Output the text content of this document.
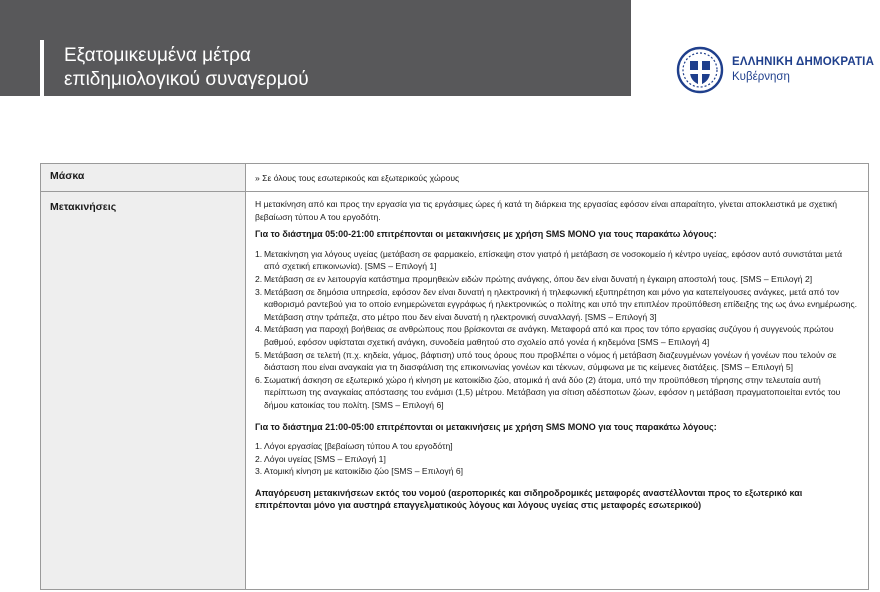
Εξατομικευμένα μέτρα
επιδημιολογικού συναγερμού
ΕΛΛΗΝΙΚΗ ΔΗΜΟΚΡΑΤΙΑ
Κυβέρνηση
Μάσκα	» Σε όλους τους εσωτερικούς και εξωτερικούς χώρους
Μετακινήσεις	Η μετακίνηση από και προς την εργασία για τις εργάσιμες ώρες ή κατά τη διάρκεια της εργασίας εφόσον είναι απαραίτητο, γίνεται αποκλειστικά με σχετική βεβαίωση τύπου Α του εργοδότη.

Για το διάστημα 05:00-21:00 επιτρέπονται οι μετακινήσεις με χρήση SMS ΜΟΝΟ για τους παρακάτω λόγους:

1. Μετακίνηση για λόγους υγείας (μετάβαση σε φαρμακείο, επίσκεψη στον γιατρό ή μετάβαση σε νοσοκομείο ή κέντρο υγείας, εφόσον αυτό συνιστάται μετά από σχετική επικοινωνία). [SMS – Επιλογή 1]
2. Μετάβαση σε εν λειτουργία κατάστημα προμηθειών ειδών πρώτης ανάγκης, όπου δεν είναι δυνατή η έγκαιρη αποστολή τους. [SMS – Επιλογή 2]
3. Μετάβαση σε δημόσια υπηρεσία, εφόσον δεν είναι δυνατή η ηλεκτρονική ή τηλεφωνική εξυπηρέτηση και μόνο για κατεπείγουσες ανάγκες, μετά από τον καθορισμό ραντεβού για το οποίο ενημερώνεται εγγράφως ή ηλεκτρονικώς ο πολίτης και υπό την επιπλέον προϋπόθεση επίδειξης της ως άνω ενημέρωσης. Μετάβαση στην τράπεζα, στο μέτρο που δεν είναι δυνατή η ηλεκτρονική συναλλαγή. [SMS – Επιλογή 3]
4. Μετάβαση για παροχή βοήθειας σε ανθρώπους που βρίσκονται σε ανάγκη. Μεταφορά από και προς τον τόπο εργασίας συζύγου ή συγγενούς πρώτου βαθμού, εφόσον υφίσταται σχετική ανάγκη, συνοδεία μαθητού στο σχολείο από γονέα ή κηδεμόνα [SMS – Επιλογή 4]
5. Μετάβαση σε τελετή (π.χ. κηδεία, γάμος, βάφτιση) υπό τους όρους που προβλέπει ο νόμος ή μετάβαση διαζευγμένων γονέων ή γονέων που τελούν σε διάσταση που είναι αναγκαία για τη διασφάλιση της επικοινωνίας γονέων και τέκνων, σύμφωνα με τις κείμενες διατάξεις. [SMS – Επιλογή 5]
6. Σωματική άσκηση σε εξωτερικό χώρο ή κίνηση με κατοικίδιο ζώο, ατομικά ή ανά δύο (2) άτομα, υπό την προϋπόθεση τήρησης στην τελευταία αυτή περίπτωση της αναγκαίας απόστασης του ενάμισι (1,5) μέτρου. Μετάβαση για σίτιση αδέσποτων ζώων, εφόσον η μετάβαση πραγματοποιείται εντός του δήμου κατοικίας του πολίτη. [SMS – Επιλογή 6]

Για το διάστημα 21:00-05:00 επιτρέπονται οι μετακινήσεις με χρήση SMS ΜΟΝΟ για τους παρακάτω λόγους:

1. Λόγοι εργασίας [βεβαίωση τύπου Α του εργοδότη]
2. Λόγοι υγείας [SMS – Επιλογή 1]
3. Ατομική κίνηση με κατοικίδιο ζώο [SMS – Επιλογή 6]

Απαγόρευση μετακινήσεων εκτός του νομού (αεροπορικές και σιδηροδρομικές μεταφορές αναστέλλονται προς το εξωτερικό και επιτρέπονται μόνο για αυστηρά επαγγελματικούς λόγους και λόγους υγείας στις μεταφορές εσωτερικού)
